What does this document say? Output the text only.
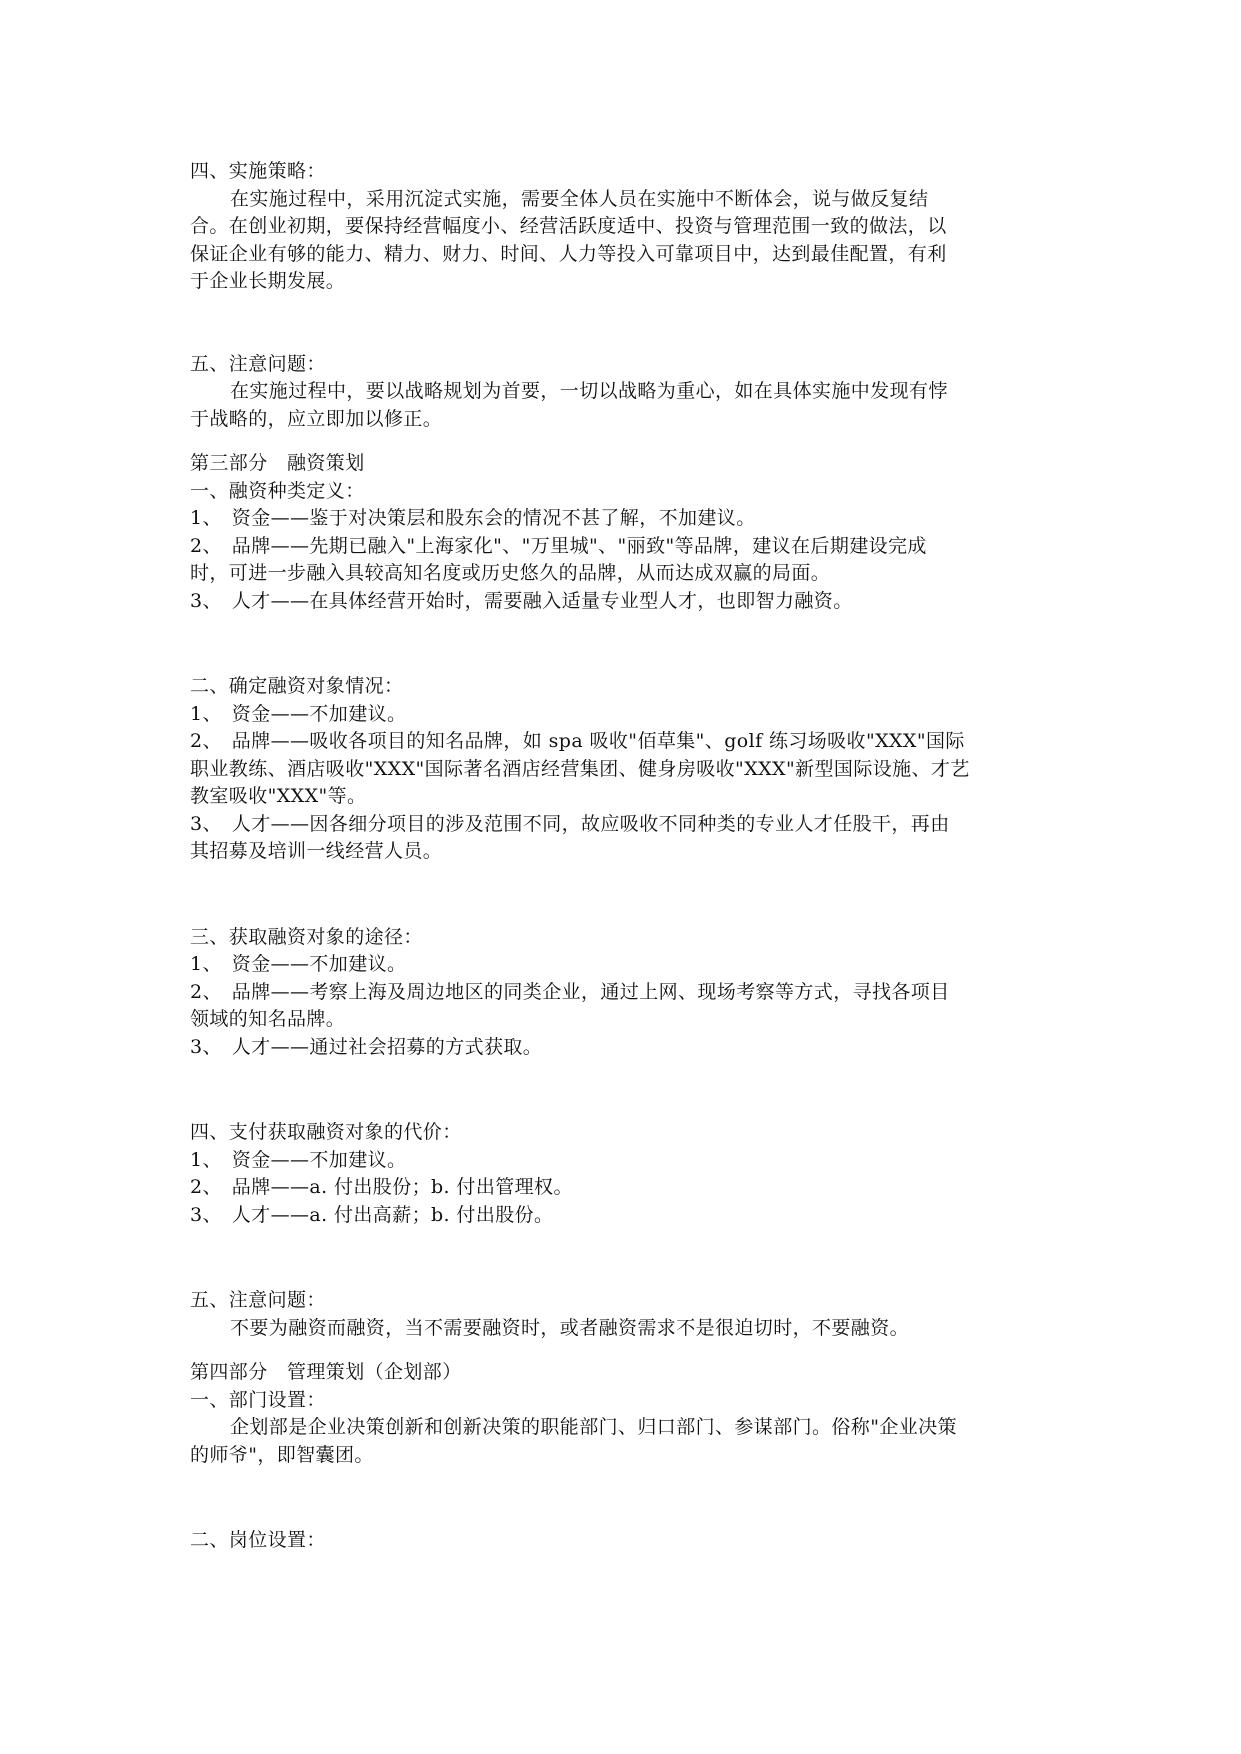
四、实施策略：
在实施过程中，采用沉淀式实施，需要全体人员在实施中不断体会，说与做反复结
合。在创业初期，要保持经营幅度小、经营活跃度适中、投资与管理范围一致的做法，以
保证企业有够的能力、精力、财力、时间、人力等投入可靠项目中，达到最佳配置，有利
于企业长期发展。
五、注意问题：
在实施过程中，要以战略规划为首要，一切以战略为重心，如在具体实施中发现有悖
于战略的，应立即加以修正。
第三部分　融资策划
一、融资种类定义：
1、　资金——鉴于对决策层和股东会的情况不甚了解，不加建议。
2、　品牌——先期已融入"上海家化"、"万里城"、"丽致"等品牌，建议在后期建设完成
时，可进一步融入具较高知名度或历史悠久的品牌，从而达成双赢的局面。
3、　人才——在具体经营开始时，需要融入适量专业型人才，也即智力融资。
二、确定融资对象情况：
1、　资金——不加建议。
2、　品牌——吸收各项目的知名品牌，如 spa 吸收"佰草集"、golf 练习场吸收"XXX"国际
职业教练、酒店吸收"XXX"国际著名酒店经营集团、健身房吸收"XXX"新型国际设施、才艺
教室吸收"XXX"等。
3、　人才——因各细分项目的涉及范围不同，故应吸收不同种类的专业人才任股干，再由
其招募及培训一线经营人员。
三、获取融资对象的途径：
1、　资金——不加建议。
2、　品牌——考察上海及周边地区的同类企业，通过上网、现场考察等方式，寻找各项目
领域的知名品牌。
3、　人才——通过社会招募的方式获取。
四、支付获取融资对象的代价：
1、　资金——不加建议。
2、　品牌——a. 付出股份；b. 付出管理权。
3、　人才——a. 付出高薪；b. 付出股份。
五、注意问题：
不要为融资而融资，当不需要融资时，或者融资需求不是很迫切时，不要融资。
第四部分　管理策划（企划部）
一、部门设置：
企划部是企业决策创新和创新决策的职能部门、归口部门、参谋部门。俗称"企业决策
的师爷"，即智囊团。
二、岗位设置：
